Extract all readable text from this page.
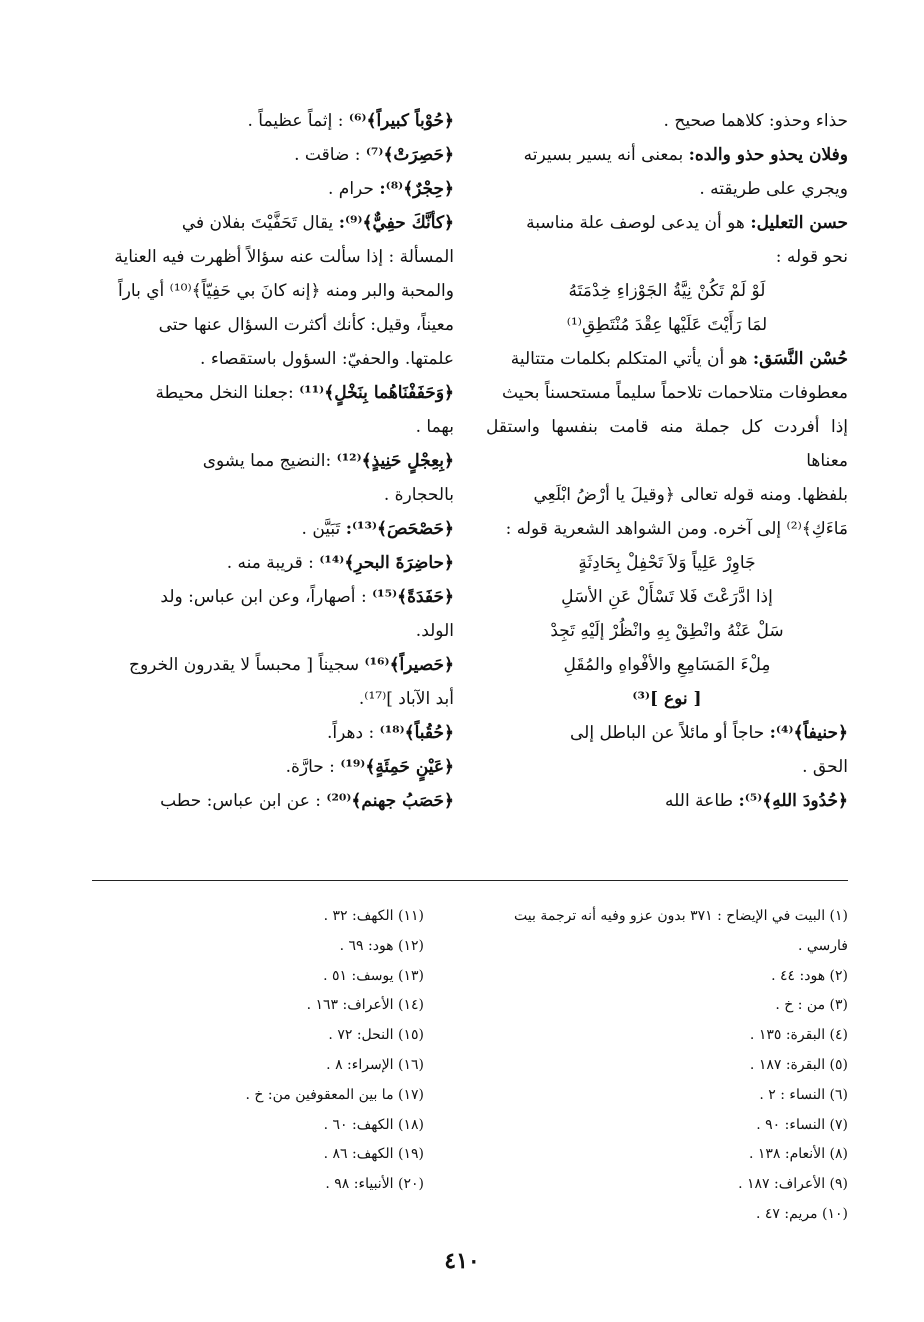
حذاء وحذو: كلاهما صحيح .

وفلان يحذو حذو والده: بمعنى أنه يسير بسيرته

ويجري على طريقته .

حسن التعليل: هو أن يدعى لوصف علة مناسبة

نحو قوله :

لَوْ لَمْ تَكُنْ نِيَّةُ الجَوْزاءِ خِدْمَتَهُ

لمَا رَأَيْتَ عَلَيْها عِقْدَ مُنْتَطِقِ⁽¹⁾

حُسْن النَّسَق: هو أن يأتي المتكلم بكلمات متتالية

معطوفات متلاحمات تلاحماً سليماً مستحسناً بحيث

إذا أفردت كل جملة منه قامت بنفسها واستقل معناها

بلفظها. ومنه قوله تعالى ﴿وقيلَ يا أرْضُ ابْلَعِي

مَاءَكِ﴾⁽²⁾ إلى آخره. ومن الشواهد الشعرية قوله :

جَاوِرْ عَلِياً وَلاَ تَحْفِلْ بِحَادِثَةٍ

إذا ادَّرَعْتَ فَلا تَسْأَلْ عَنِ الأسَلِ

سَلْ عَنْهُ وانْطِقْ بِهِ وانْظُرْ إلَيْهِ تَجِدْ

مِلْءَ المَسَامِعِ والأفْواهِ والمُقَلِ

[ نوع ]⁽³⁾

﴿حنيفاً﴾⁽⁴⁾: حاجاً أو مائلاً عن الباطل إلى

الحق .

﴿حُدُودَ اللهِ﴾⁽⁵⁾: طاعة الله

﴿حُوْباً كبيراً﴾⁽⁶⁾ : إثماً عظيماً .

﴿حَصِرَتْ﴾⁽⁷⁾ : ضاقت .

﴿حِجْرٌ﴾⁽⁸⁾: حرام .

﴿كأنَّكَ حفِيٌّ﴾⁽⁹⁾: يقال تَحَفَّيْتَ بفلان في

المسألة : إذا سألت عنه سؤالاً أظهرت فيه العناية

والمحبة والبر ومنه ﴿إنه كانَ بي حَفِيّاً﴾⁽¹⁰⁾ أي باراً

معيناً، وقيل: كأنك أكثرت السؤال عنها حتى

علمتها. والحفيّ: السؤول باستقصاء .

﴿وَحَفَفْنَاهُما بِنَخْلٍ﴾⁽¹¹⁾ :جعلنا النخل محيطة

بهما .

﴿بِعِجْلٍ حَنِيذٍ﴾⁽¹²⁾ :النضيج مما يشوى

بالحجارة .

﴿حَصْحَصَ﴾⁽¹³⁾: تَبَيَّن .

﴿حاضِرَةَ البحرِ﴾⁽¹⁴⁾ : قريبة منه .

﴿حَفَدَةً﴾⁽¹⁵⁾ : أصهاراً، وعن ابن عباس: ولد

الولد.

﴿حَصيراً﴾⁽¹⁶⁾ سجيناً [ محبساً لا يقدرون الخروج

أبد الآباد ]⁽¹⁷⁾.

﴿حُقُباً﴾⁽¹⁸⁾ : دهراً.

﴿عَيْنٍ حَمِئَةٍ﴾⁽¹⁹⁾ : حارَّة.

﴿حَصَبُ جهنم﴾⁽²⁰⁾ : عن ابن عباس: حطب

(١) البيت في الإيضاح : ٣٧١ بدون عزو وفيه أنه ترجمة بيت
فارسي .
(٢) هود: ٤٤ .
(٣) من : خ .
(٤) البقرة: ١٣٥ .
(٥) البقرة: ١٨٧ .
(٦) النساء : ٢ .
(٧) النساء: ٩٠ .
(٨) الأنعام: ١٣٨ .
(٩) الأعراف: ١٨٧ .
(١٠) مريم: ٤٧ .
(١١) الكهف: ٣٢ .
(١٢) هود: ٦٩ .
(١٣) يوسف: ٥١ .
(١٤) الأعراف: ١٦٣ .
(١٥) النحل: ٧٢ .
(١٦) الإسراء: ٨ .
(١٧) ما بين المعقوفين من: خ .
(١٨) الكهف: ٦٠ .
(١٩) الكهف: ٨٦ .
(٢٠) الأنبياء: ٩٨ .
٤١٠
